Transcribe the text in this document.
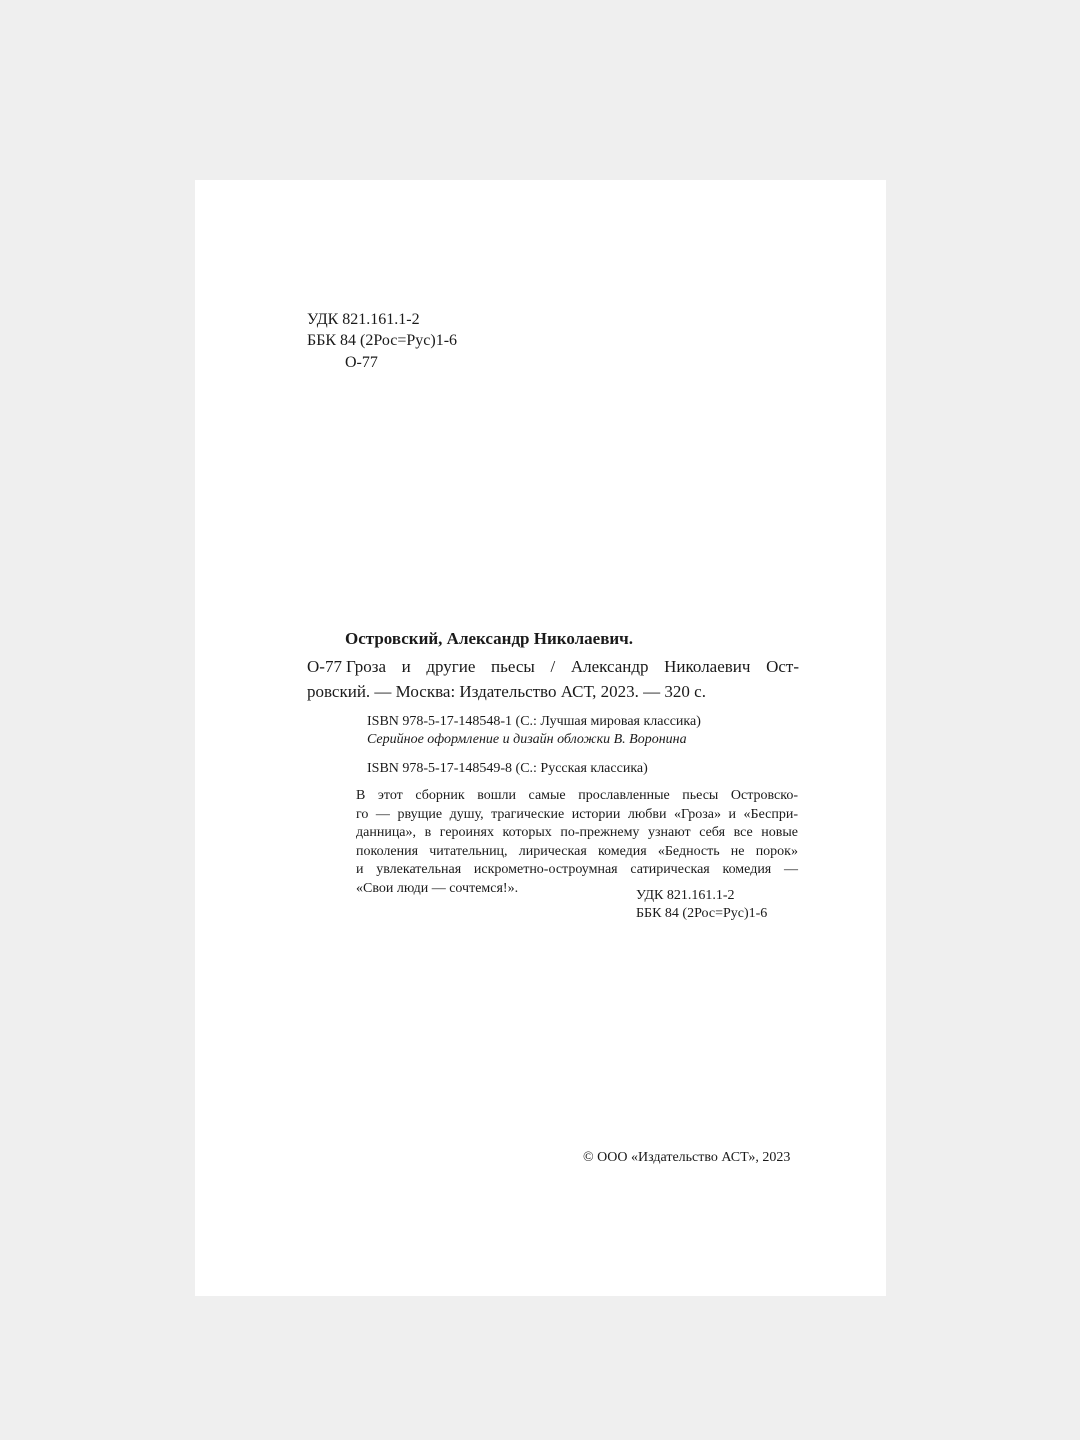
УДК 821.161.1-2
ББК 84 (2Рос=Рус)1-6
О-77
Островский, Александр Николаевич.
О-77 Гроза и другие пьесы / Александр Николаевич Ост-
ровский. — Москва: Издательство АСТ, 2023. — 320 с.
ISBN 978-5-17-148548-1 (С.: Лучшая мировая классика)
Серийное оформление и дизайн обложки В. Воронина
ISBN 978-5-17-148549-8 (С.: Русская классика)
В этот сборник вошли самые прославленные пьесы Островско-
го — рвущие душу, трагические истории любви «Гроза» и «Беспри-
данница», в героинях которых по-прежнему узнают себя все новые
поколения читательниц, лирическая комедия «Бедность не порок»
и увлекательная искрометно-остроумная сатирическая комедия —
«Свои люди — сочтемся!».	УДК 821.161.1-2
ББК 84 (2Рос=Рус)1-6
© ООО «Издательство АСТ», 2023
